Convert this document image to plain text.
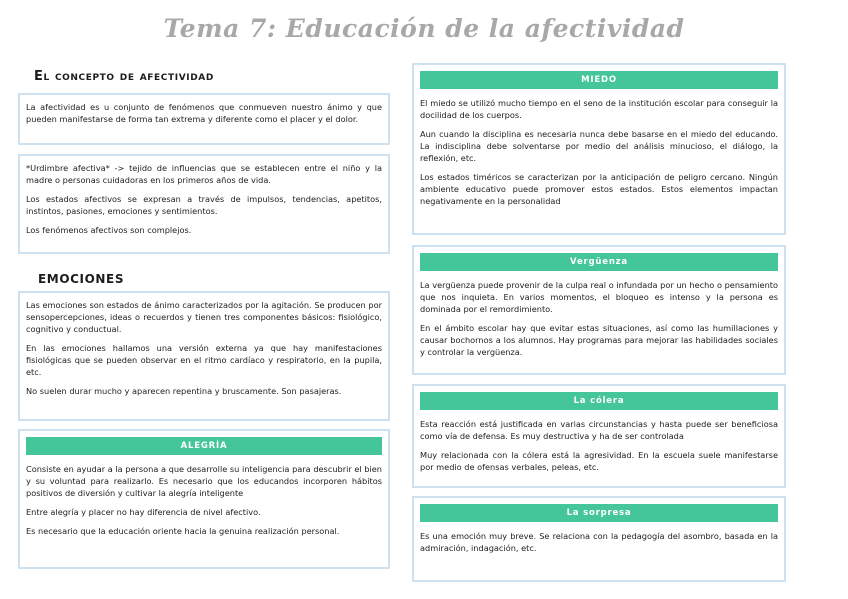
Tema 7: Educación de la afectividad
El concepto de afectividad

La afectividad es u conjunto de fenómenos que conmueven nuestro ánimo y que pueden manifestarse de forma tan extrema y diferente como el placer y el dolor.

*Urdimbre afectiva* -> tejido de influencias que se establecen entre el niño y la madre o personas cuidadoras en los primeros años de vida.

Los estados afectivos se expresan a través de impulsos, tendencias, apetitos, instintos, pasiones, emociones y sentimientos.

Los fenómenos afectivos son complejos.

EMOCIONES

Las emociones son estados de ánimo caracterizados por la agitación. Se producen por sensopercepciones, ideas o recuerdos y tienen tres componentes básicos: fisiológico, cognitivo y conductual.

En las emociones hallamos una versión externa ya que hay manifestaciones fisiológicas que se pueden observar en el ritmo cardíaco y respiratorio, en la pupila, etc.

No suelen durar mucho y aparecen repentina y bruscamente. Son pasajeras.

ALEGRÍA

Consiste en ayudar a la persona a que desarrolle su inteligencia para descubrir el bien y su voluntad para realizarlo. Es necesario que los educandos incorporen hábitos positivos de diversión y cultivar la alegría inteligente

Entre alegría y placer no hay diferencia de nivel afectivo.

Es necesario que la educación oriente hacia la genuina realización personal.

MIEDO

El miedo se utilizó mucho tiempo en el seno de la institución escolar para conseguir la docilidad de los cuerpos.

Aun cuando la disciplina es necesaria nunca debe basarse en el miedo del educando. La indisciplina debe solventarse por medio del análisis minucioso, el diálogo, la reflexión, etc.

Los estados timéricos se caracterizan por la anticipación de peligro cercano. Ningún ambiente educativo puede promover estos estados. Estos elementos impactan negativamente en la personalidad

Vergüenza

La vergüenza puede provenir de la culpa real o infundada por un hecho o pensamiento que nos inquieta. En varios momentos, el bloqueo es intenso y la persona es dominada por el remordimiento.

En el ámbito escolar hay que evitar estas situaciones, así como las humillaciones y causar bochornos a los alumnos. Hay programas para mejorar las habilidades sociales y controlar la vergüenza.

La cólera

Esta reacción está justificada en varias circunstancias y hasta puede ser beneficiosa como vía de defensa. Es muy destructiva y ha de ser controlada

Muy relacionada con la cólera está la agresividad. En la escuela suele manifestarse por medio de ofensas verbales, peleas, etc.

La sorpresa

Es una emoción muy breve. Se relaciona con la pedagogía del asombro, basada en la admiración, indagación, etc.
